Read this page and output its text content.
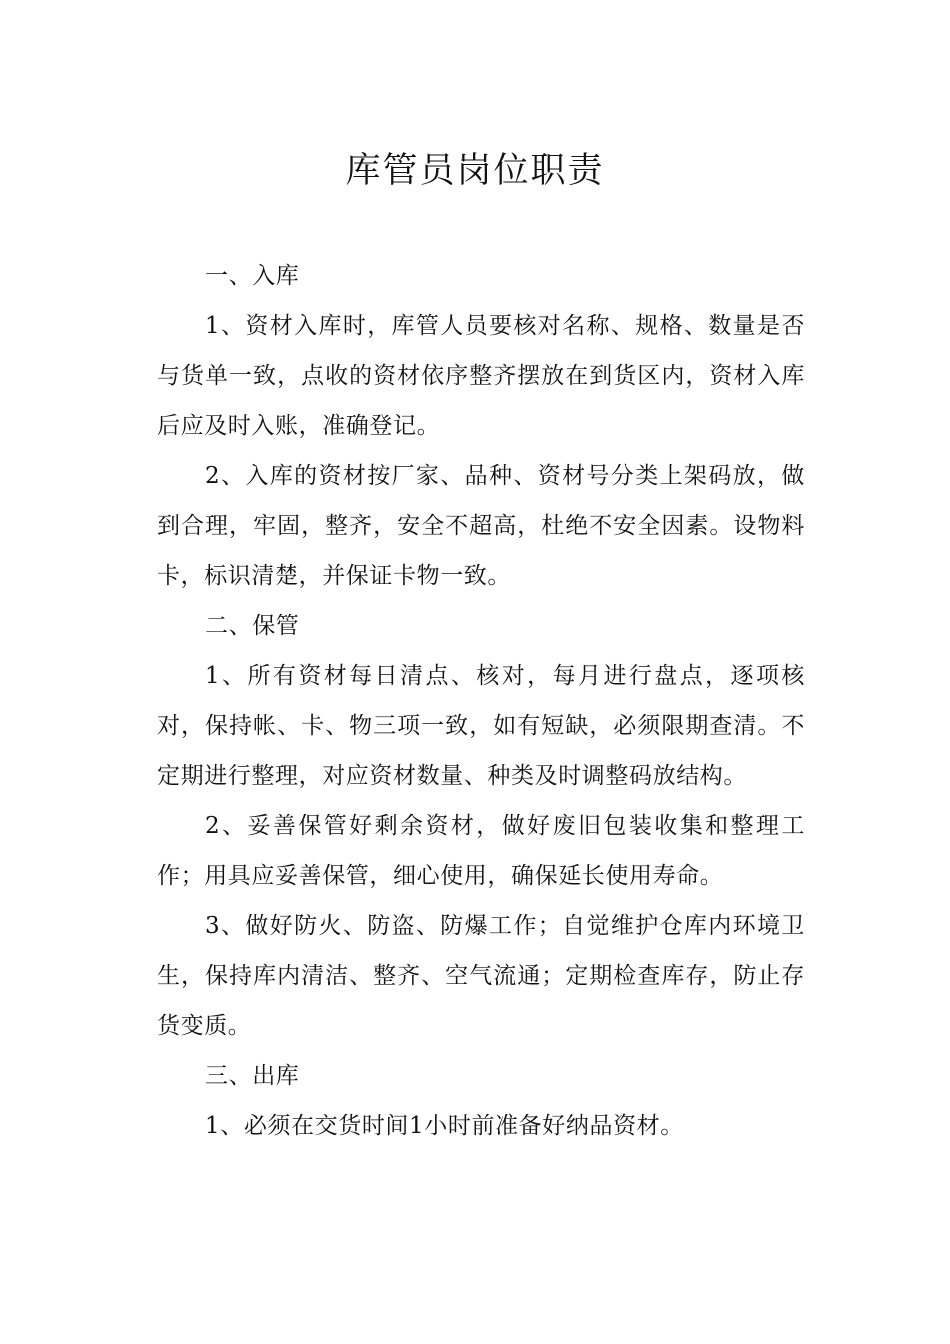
库管员岗位职责

一、入库

1、资材入库时，库管人员要核对名称、规格、数量是否与货单一致，点收的资材依序整齐摆放在到货区内，资材入库后应及时入账，准确登记。

2、入库的资材按厂家、品种、资材号分类上架码放，做到合理，牢固，整齐，安全不超高，杜绝不安全因素。设物料卡，标识清楚，并保证卡物一致。

二、保管

1、所有资材每日清点、核对，每月进行盘点，逐项核对，保持帐、卡、物三项一致，如有短缺，必须限期查清。不定期进行整理，对应资材数量、种类及时调整码放结构。

2、妥善保管好剩余资材，做好废旧包装收集和整理工作；用具应妥善保管，细心使用，确保延长使用寿命。

3、做好防火、防盗、防爆工作；自觉维护仓库内环境卫生，保持库内清洁、整齐、空气流通；定期检查库存，防止存货变质。

三、出库

1、必须在交货时间1小时前准备好纳品资材。
